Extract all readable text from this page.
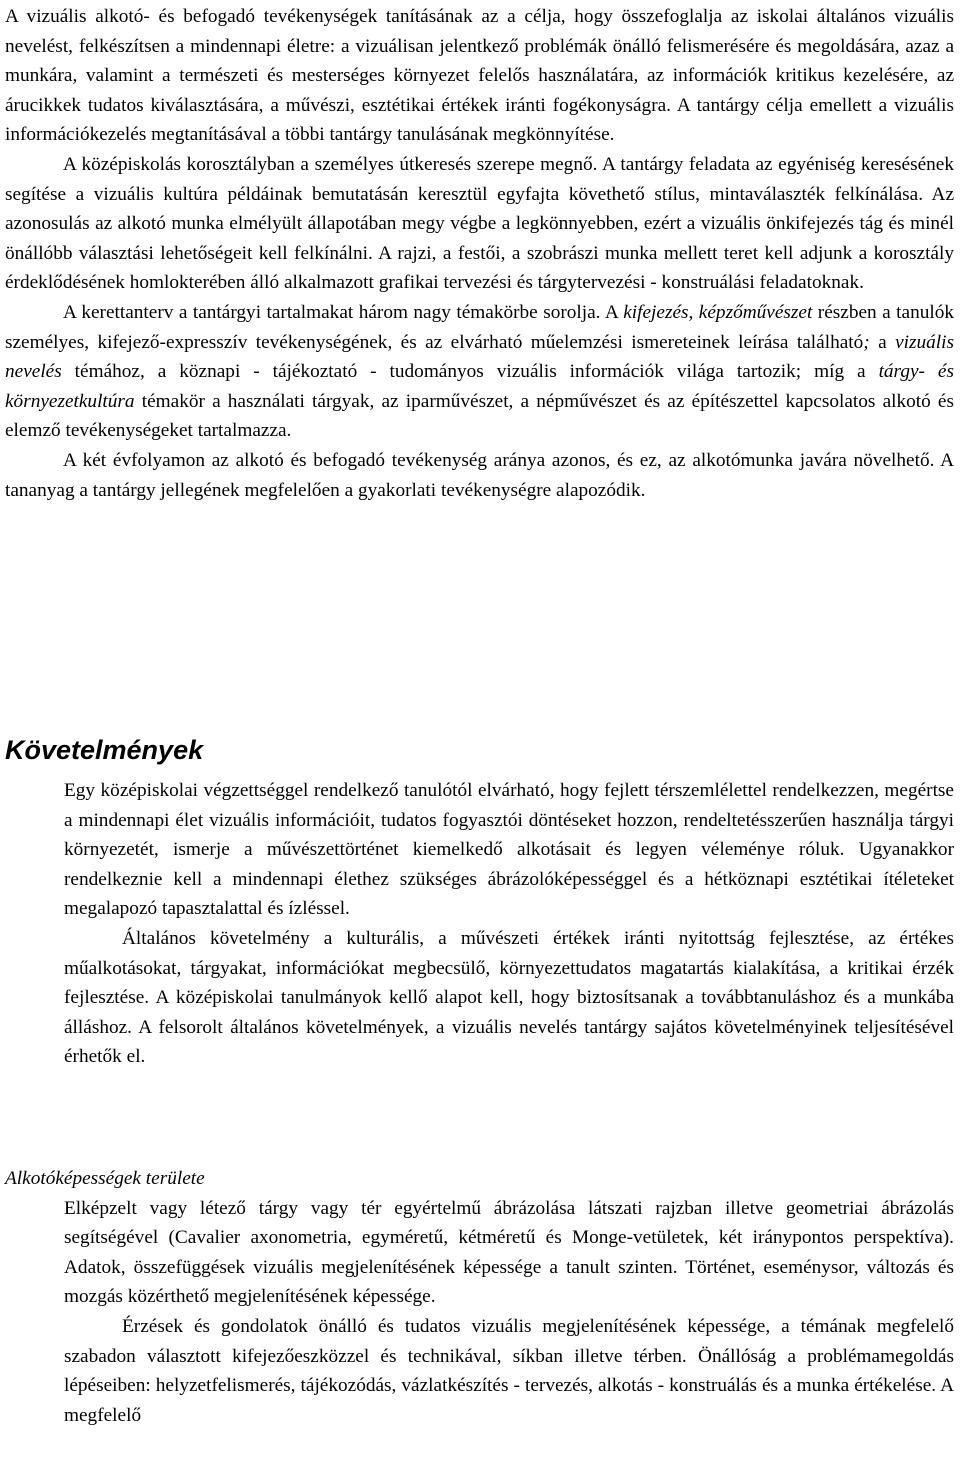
A vizuális alkotó- és befogadó tevékenységek tanításának az a célja, hogy összefoglalja az iskolai általános vizuális nevelést, felkészítsen a mindennapi életre: a vizuálisan jelentkező problémák önálló felismerésére és megoldására, azaz a munkára, valamint a természeti és mesterséges környezet felelős használatára, az információk kritikus kezelésére, az árucikkek tudatos kiválasztására, a művészi, esztétikai értékek iránti fogékonyságra. A tantárgy célja emellett a vizuális információkezelés megtanításával a többi tantárgy tanulásának megkönnyítése.

A középiskolás korosztályban a személyes útkeresés szerepe megnő. A tantárgy feladata az egyéniség keresésének segítése a vizuális kultúra példáinak bemutatásán keresztül egyfajta követhető stílus, mintaválaszték felkínálása. Az azonosulás az alkotó munka elmélyült állapotában megy végbe a legkönnyebben, ezért a vizuális önkifejezés tág és minél önállóbb választási lehetőségeit kell felkínálni. A rajzi, a festői, a szobrászi munka mellett teret kell adjunk a korosztály érdeklődésének homlokterében álló alkalmazott grafikai tervezési és tárgytervezési - konstruálási feladatoknak.

A kerettanterv a tantárgyi tartalmakat három nagy témakörbe sorolja. A kifejezés, képzőművészet részben a tanulók személyes, kifejező-expresszív tevékenységének, és az elvárható műelemzési ismereteinek leírása található; a vizuális nevelés témához, a köznapi - tájékoztató - tudományos vizuális információk világa tartozik; míg a tárgy- és környezetkultúra témakör a használati tárgyak, az iparművészet, a népművészet és az építészettel kapcsolatos alkotó és elemző tevékenységeket tartalmazza.

A két évfolyamon az alkotó és befogadó tevékenység aránya azonos, és ez, az alkotómunka javára növelhető. A tananyag a tantárgy jellegének megfelelően a gyakorlati tevékenységre alapozódik.

Követelmények

Egy középiskolai végzettséggel rendelkező tanulótól elvárható, hogy fejlett térszemlélettel rendelkezzen, megértse a mindennapi élet vizuális információit, tudatos fogyasztói döntéseket hozzon, rendeltetésszerűen használja tárgyi környezetét, ismerje a művészettörténet kiemelkedő alkotásait és legyen véleménye róluk. Ugyanakkor rendelkeznie kell a mindennapi élethez szükséges ábrázolóképességgel és a hétköznapi esztétikai ítéleteket megalapozó tapasztalattal és ízléssel.

Általános követelmény a kulturális, a művészeti értékek iránti nyitottság fejlesztése, az értékes műalkotásokat, tárgyakat, információkat megbecsülő, környezettudatos magatartás kialakítása, a kritikai érzék fejlesztése. A középiskolai tanulmányok kellő alapot kell, hogy biztosítsanak a továbbtanuláshoz és a munkába álláshoz. A felsorolt általános követelmények, a vizuális nevelés tantárgy sajátos követelményinek teljesítésével érhetők el.

Alkotóképességek területe

Elképzelt vagy létező tárgy vagy tér egyértelmű ábrázolása látszati rajzban illetve geometriai ábrázolás segítségével (Cavalier axonometria, egyméretű, kétméretű és Monge-vetületek, két iránypontos perspektíva). Adatok, összefüggések vizuális megjelenítésének képessége a tanult szinten. Történet, eseménysor, változás és mozgás közérthető megjelenítésének képessége.

Érzések és gondolatok önálló és tudatos vizuális megjelenítésének képessége, a témának megfelelő szabadon választott kifejezőeszközzel és technikával, síkban illetve térben. Önállóság a problémamegoldás lépéseiben: helyzetfelismerés, tájékozódás, vázlatkészítés - tervezés, alkotás - konstruálás és a munka értékelése. A megfelelő
